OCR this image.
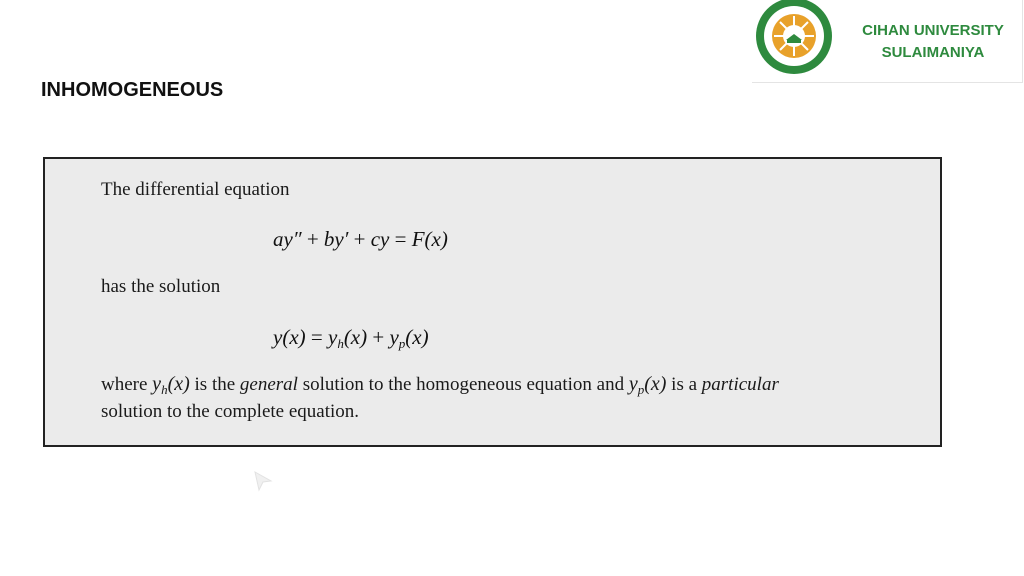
CIHAN UNIVERSITY
SULAIMANIYA
INHOMOGENEOUS
The differential equation
ay″ + by′ + cy = F(x)
has the solution
$y(x) = y_h(x) + y_p(x)$
where $y_h(x)$ is the general solution to the homogeneous equation and $y_p(x)$ is a particular
solution to the complete equation.
